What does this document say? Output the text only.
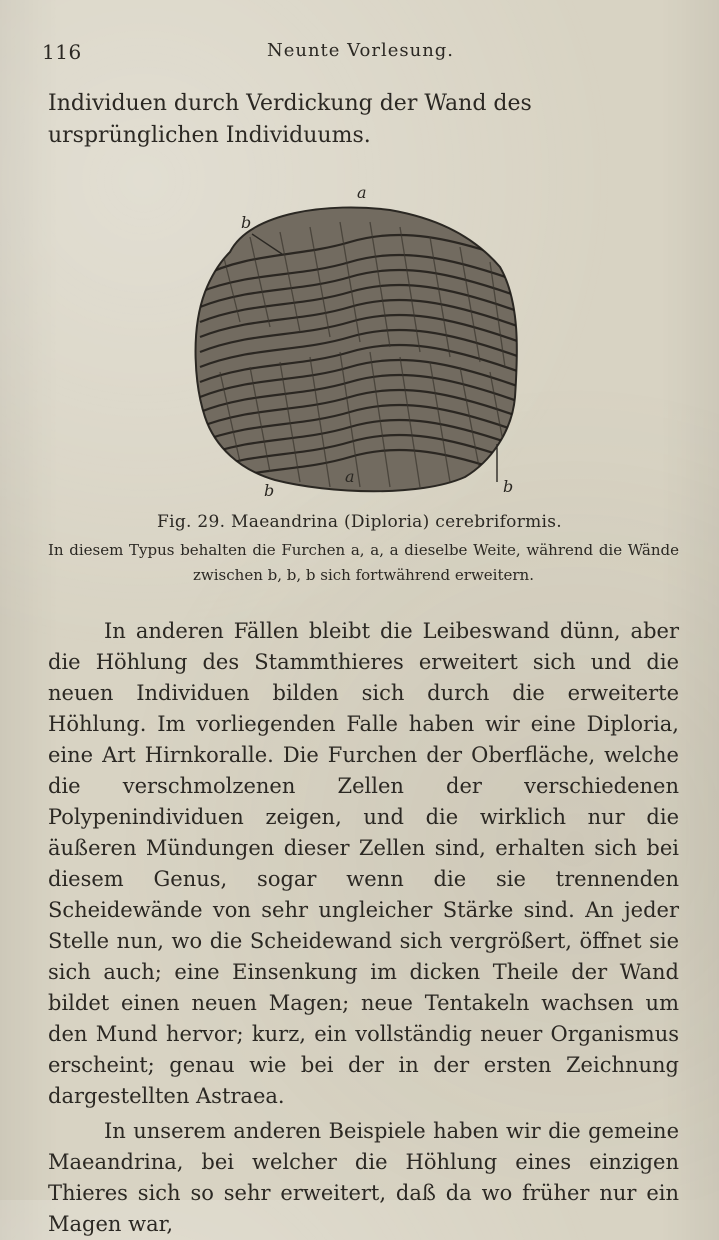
116	Neunte Vorlesung.
Individuen durch Verdickung der Wand des ursprünglichen Individuums.
a
b
b
a
b
Fig. 29. Maeandrina (Diploria) cerebriformis.
In diesem Typus behalten die Furchen a, a, a dieselbe Weite, während die Wände zwischen b, b, b sich fortwährend erweitern.

In anderen Fällen bleibt die Leibeswand dünn, aber die Höhlung des Stammthieres erweitert sich und die neuen Individuen bilden sich durch die erweiterte Höhlung. Im vorliegenden Falle haben wir eine Diploria, eine Art Hirnkoralle. Die Furchen der Oberfläche, welche die verschmolzenen Zellen der verschiedenen Polypenindividuen zeigen, und die wirklich nur die äußeren Mündungen dieser Zellen sind, erhalten sich bei diesem Genus, sogar wenn die sie trennenden Scheidewände von sehr ungleicher Stärke sind. An jeder Stelle nun, wo die Scheidewand sich vergrößert, öffnet sie sich auch; eine Einsenkung im dicken Theile der Wand bildet einen neuen Magen; neue Tentakeln wachsen um den Mund hervor; kurz, ein vollständig neuer Organismus erscheint; genau wie bei der in der ersten Zeichnung dargestellten Astraea.

In unserem anderen Beispiele haben wir die gemeine Maeandrina, bei welcher die Höhlung eines einzigen Thieres sich so sehr erweitert, daß da wo früher nur ein Magen war,
